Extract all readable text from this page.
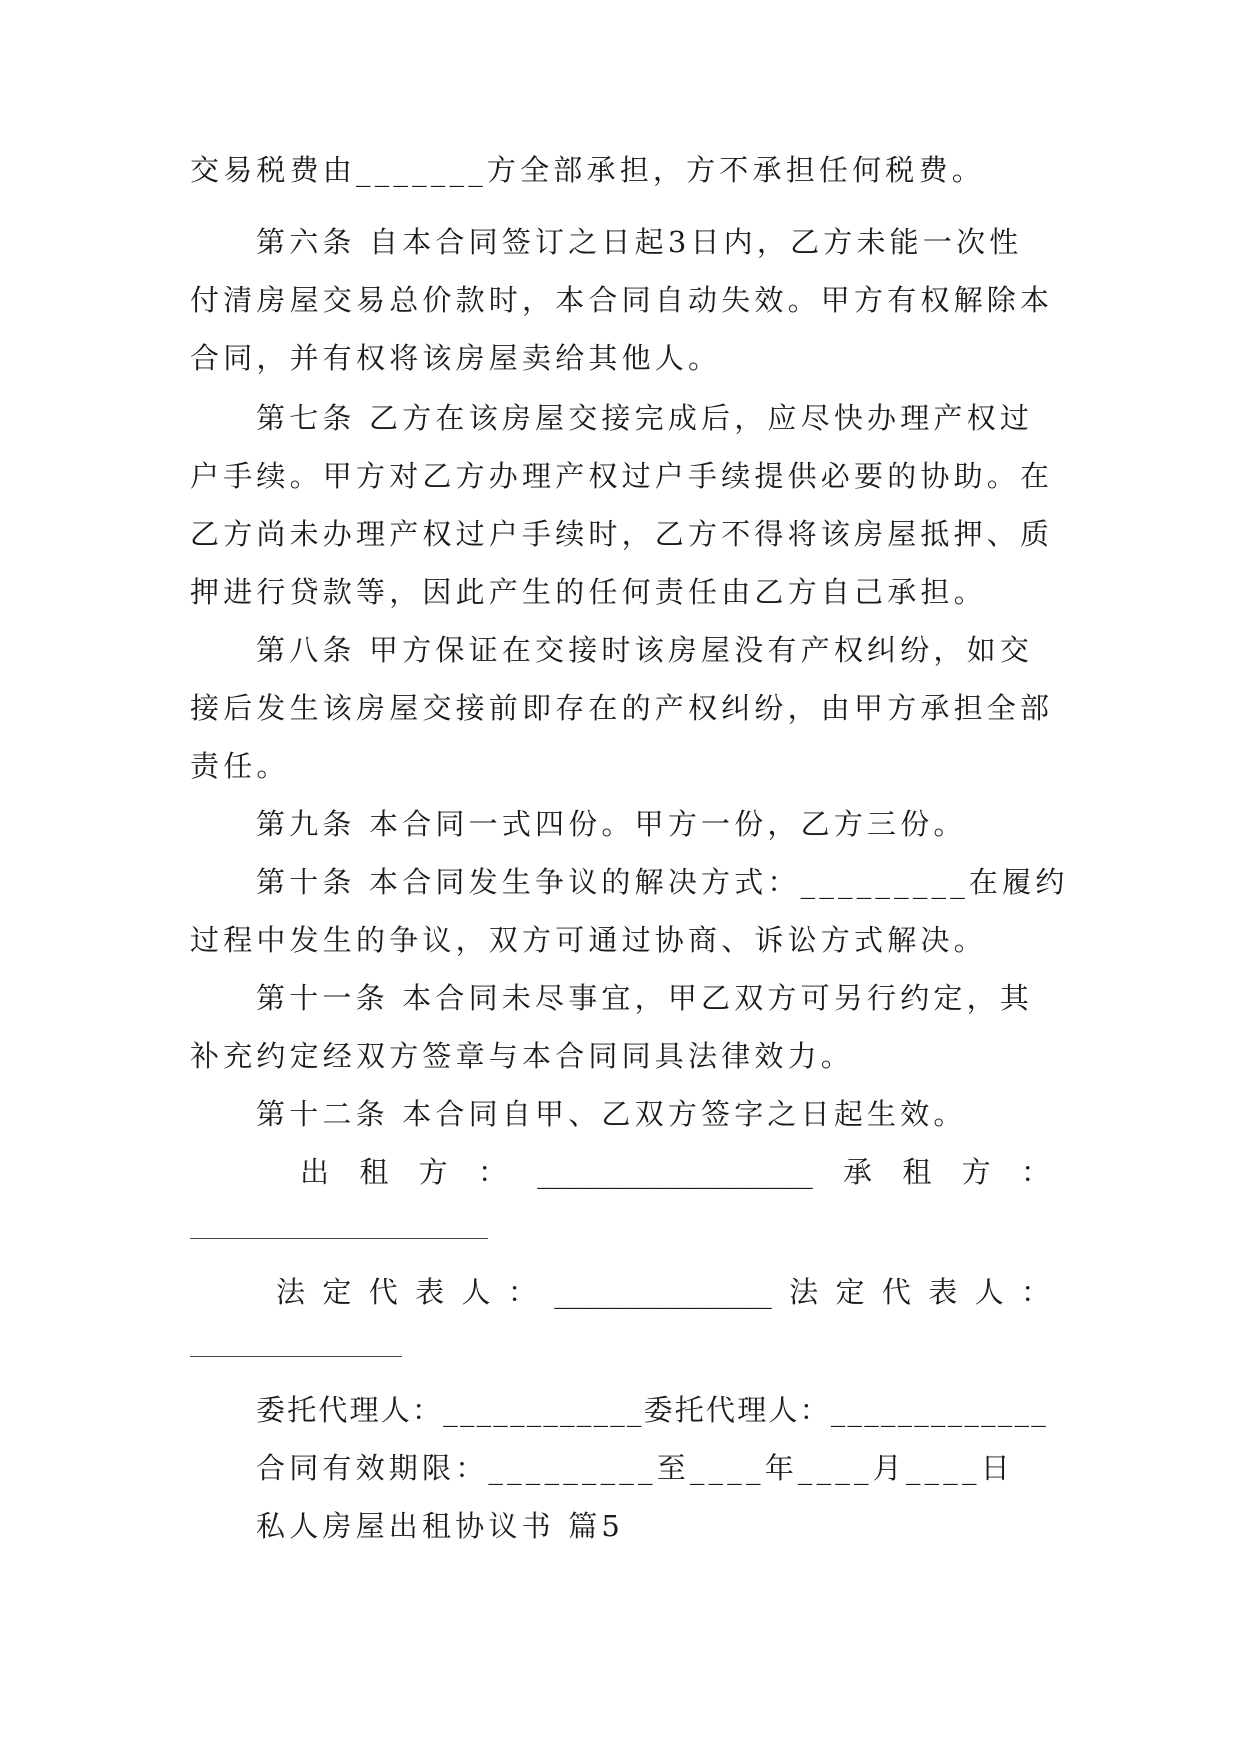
交易税费由_______方全部承担，方不承担任何税费。
第六条 自本合同签订之日起3日内，乙方未能一次性
付清房屋交易总价款时，本合同自动失效。甲方有权解除本
合同，并有权将该房屋卖给其他人。
第七条 乙方在该房屋交接完成后，应尽快办理产权过
户手续。甲方对乙方办理产权过户手续提供必要的协助。在
乙方尚未办理产权过户手续时，乙方不得将该房屋抵押、质
押进行贷款等，因此产生的任何责任由乙方自己承担。
第八条 甲方保证在交接时该房屋没有产权纠纷，如交
接后发生该房屋交接前即存在的产权纠纷，由甲方承担全部
责任。
第九条 本合同一式四份。甲方一份，乙方三份。
第十条 本合同发生争议的解决方式：_________在履约
过程中发生的争议，双方可通过协商、诉讼方式解决。
第十一条 本合同未尽事宜，甲乙双方可另行约定，其
补充约定经双方签章与本合同同具法律效力。
第十二条 本合同自甲、乙双方签字之日起生效。
出 租 方 ： ___________________ 承 租 方 ：
法 定 代 表 人 ： _______________ 法 定 代 表 人 ：
委托代理人：____________委托代理人：_____________
合同有效期限：_________至____年____月____日
私人房屋出租协议书 篇5
